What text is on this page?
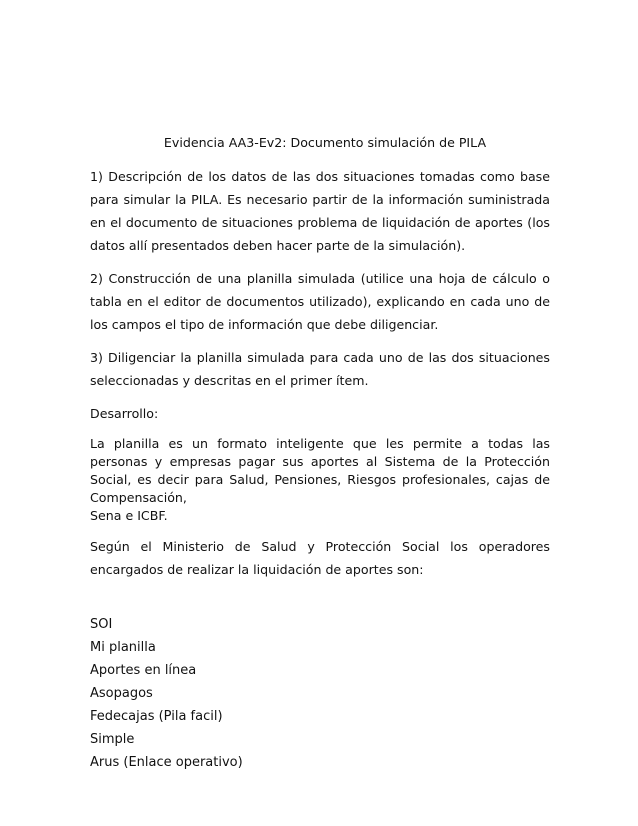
Evidencia AA3-Ev2: Documento simulación de PILA

1) Descripción de los datos de las dos situaciones tomadas como base para simular la PILA. Es necesario partir de la información suministrada en el documento de situaciones problema de liquidación de aportes (los datos allí presentados deben hacer parte de la simulación).

2) Construcción de una planilla simulada (utilice una hoja de cálculo o tabla en el editor de documentos utilizado), explicando en cada uno de los campos el tipo de información que debe diligenciar.

3) Diligenciar la planilla simulada para cada uno de las dos situaciones seleccionadas y descritas en el primer ítem.

Desarrollo:

La planilla es un formato inteligente que les permite a todas las personas y empresas pagar sus aportes al Sistema de la Protección Social, es decir para Salud, Pensiones, Riesgos profesionales, cajas de Compensación,
Sena e ICBF.

Según el Ministerio de Salud y Protección Social los operadores encargados de realizar la liquidación de aportes son:

SOI
Mi planilla
Aportes en línea
Asopagos
Fedecajas (Pila facil)
Simple
Arus (Enlace operativo)
